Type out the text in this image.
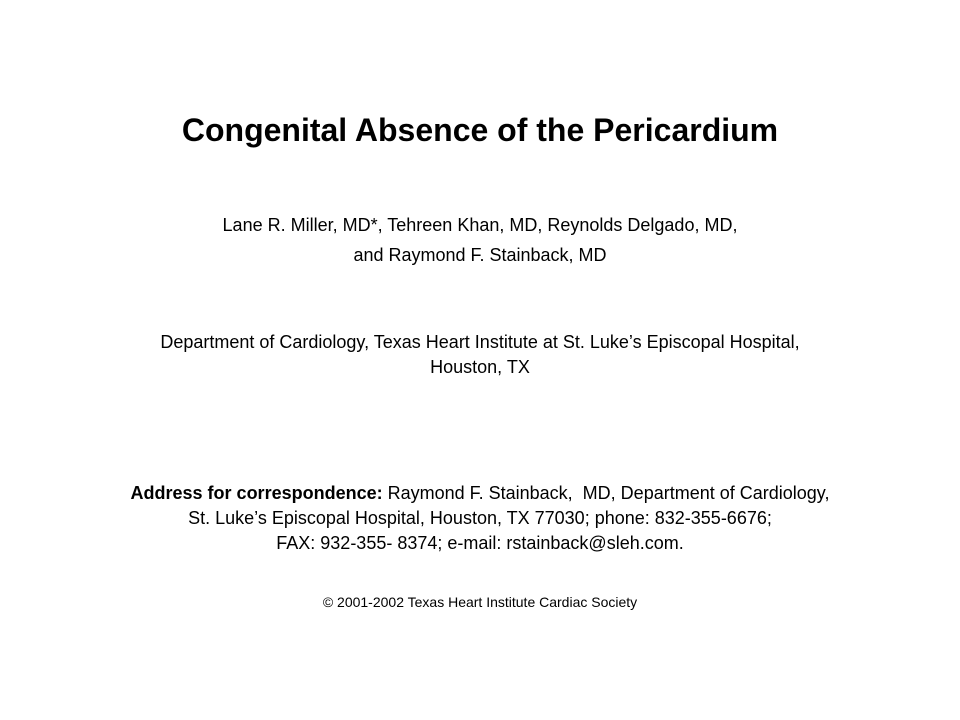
Congenital Absence of the Pericardium

Lane R. Miller, MD*, Tehreen Khan, MD, Reynolds Delgado, MD,
and Raymond F. Stainback, MD

Department of Cardiology, Texas Heart Institute at St. Luke’s Episcopal Hospital,
Houston, TX

Address for correspondence: Raymond F. Stainback,  MD, Department of Cardiology,
St. Luke’s Episcopal Hospital, Houston, TX 77030; phone: 832-355-6676;
FAX: 932-355- 8374; e-mail: rstainback@sleh.com.

© 2001-2002 Texas Heart Institute Cardiac Society
